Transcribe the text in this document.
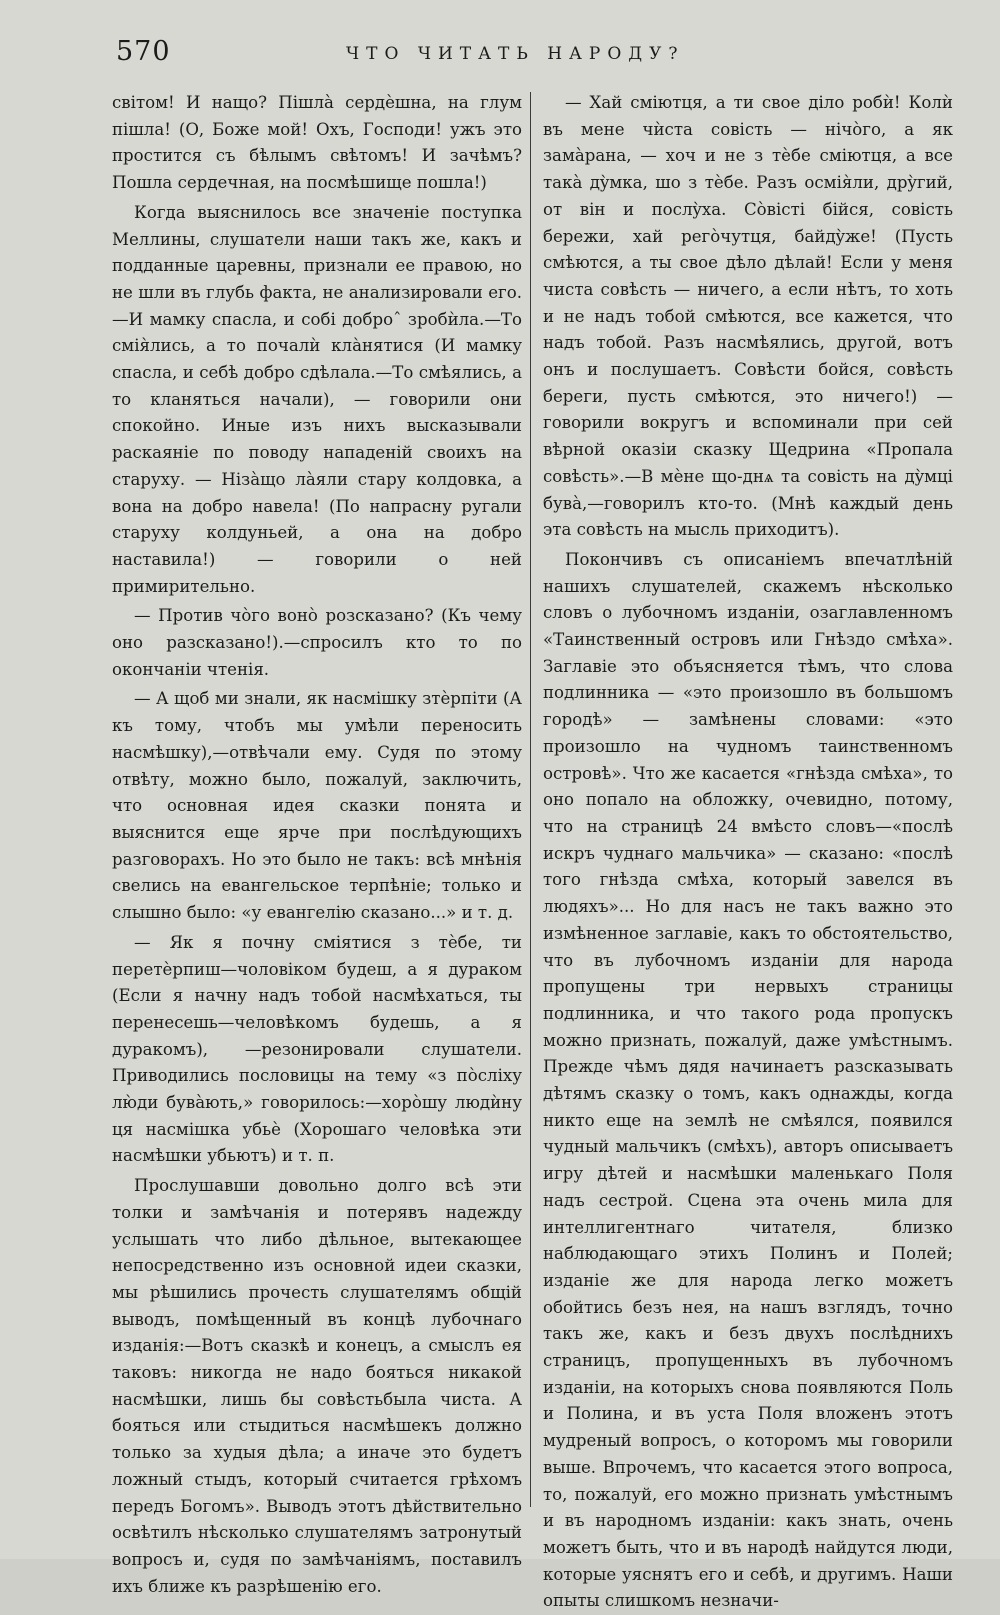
570	ЧТО ЧИТАТЬ НАРОДУ?

світом! И нащо? Пішлà сердèшна, на глум пішла! (О, Боже мой! Охъ, Господи! ужъ это простится съ бѣлымъ свѣтомъ! И зачѣмъ? Пошла сердечная, на посмѣшище пошла!)

Когда выяснилось все значенiе поступка Меллины, слушатели наши такъ же, какъ и подданные царевны, признали ее правою, но не шли въ глубь факта, не анализировали его.—И мамку спасла, и собі доброˆ зробѝла.—То смія̀лись, а то почалѝ кла̀нятися (И мамку спасла, и себѣ добро сдѣлала.—То смѣялись, а то кланяться начали), — говорили они спокойно. Иные изъ нихъ высказывали раскаянiе по поводу нападенiй своихъ на старуху. — Нізàщо лàяли стару колдовка, а вона на добро навела! (По напрасну ругали старуху колдуньей, а она на добро наставила!) — говорили о ней примирительно.

— Против чòго вонò розсказано? (Къ чему оно разсказано!).—спросилъ кто то по окончанiи чтенiя.

— А щоб ми знали, як насмішку зтèрпіти (А къ тому, чтобъ мы умѣли переносить насмѣшку),—отвѣчали ему. Судя по этому отвѣту, можно было, пожалуй, заключить, что основная идея сказки понята и выяснится еще ярче при послѣдующихъ разговорахъ. Но это было не такъ: всѣ мнѣнiя свелись на евангельское терпѣнiе; только и слышно было: «у евангелію сказано...» и т. д.

— Як я почну сміятися з тèбе, ти перетèрпиш—чоловіком будеш, а я дураком (Если я начну надъ тобой насмѣхаться, ты перенесешь—человѣкомъ будешь, а я дуракомъ), —резонировали слушатели. Приводились пословицы на тему «з пòсліху лю̀ди бувàють,» говорилось:—хорòшу людѝну ця насмішка убьè (Хорошаго человѣка эти насмѣшки убьютъ) и т. п.

Прослушавши довольно долго всѣ эти толки и замѣчанiя и потерявъ надежду услышать что либо дѣльное, вытекающее непосредственно изъ основной идеи сказки, мы рѣшились прочесть слушателямъ общій выводъ, помѣщенный въ концѣ лубочнаго изданія:—Вотъ сказкѣ и конецъ, а смыслъ ея таковъ: никогда не надо бояться никакой насмѣшки, лишь бы совѣстьбыла чиста. А бояться или стыдиться насмѣшекъ должно только за худыя дѣла; а иначе это будетъ ложный стыдъ, который считается грѣхомъ передъ Богомъ». Выводъ этотъ дѣйствительно освѣтилъ нѣсколько слушателямъ затронутый вопросъ и, судя по замѣчаніямъ, поставилъ ихъ ближе къ разрѣшенію его.

— Хай сміютця, а ти свое діло робѝ! Колѝ въ мене чѝста совість — нічòго, а як замàрана, — хоч и не з тèбе сміютця, а все такà дỳмка, шо з тèбе. Разъ осмія̀ли, дрỳгий, от він и послỳха. Сòвісті бійся, совість бережи, хай регòчутця, байдỳже! (Пусть смѣются, а ты свое дѣло дѣлай! Если у меня чиста совѣсть — ничего, а если нѣтъ, то хоть и не надъ тобой смѣются, все кажется, что надъ тобой. Разъ насмѣялись, другой, вотъ онъ и послушаетъ. Совѣсти бойся, совѣсть береги, пусть смѣются, это ничего!) — говорили вокругъ и вспоминали при сей вѣрной оказіи сказку Щедрина «Пропала совѣсть».—В мèне що-днѧ та совість на дỳмці бувà,—говорилъ кто-то. (Мнѣ каждый день эта совѣсть на мысль приходитъ).

Покончивъ съ описаніемъ впечатлѣній нашихъ слушателей, скажемъ нѣсколько словъ о лубочномъ изданіи, озаглавленномъ «Таинственный островъ или Гнѣздо смѣха». Заглавіе это объясняется тѣмъ, что слова подлинника — «это произошло въ большомъ городѣ» — замѣнены словами: «это произошло на чудномъ таинственномъ островѣ». Что же касается «гнѣзда смѣха», то оно попало на обложку, очевидно, потому, что на страницѣ 24 вмѣсто словъ—«послѣ искръ чуднаго мальчика» — сказано: «послѣ того гнѣзда смѣха, который завелся въ людяхъ»... Но для насъ не такъ важно это измѣненное заглавіе, какъ то обстоятельство, что въ лубочномъ изданіи для народа пропущены три нервыхъ страницы подлинника, и что такого рода пропускъ можно признать, пожалуй, даже умѣстнымъ. Прежде чѣмъ дядя начинаетъ разсказывать дѣтямъ сказку о томъ, какъ однажды, когда никто еще на землѣ не смѣялся, появился чудный мальчикъ (смѣхъ), авторъ описываетъ игру дѣтей и насмѣшки маленькаго Поля надъ сестрой. Сцена эта очень мила для интеллигентнаго читателя, близко наблюдающаго этихъ Полинъ и Полей; изданіе же для народа легко можетъ обойтись безъ нея, на нашъ взглядъ, точно такъ же, какъ и безъ двухъ послѣднихъ страницъ, пропущенныхъ въ лубочномъ изданіи, на которыхъ снова появляются Поль и Полина, и въ уста Поля вложенъ этотъ мудреный вопросъ, о которомъ мы говорили выше. Впрочемъ, что касается этого вопроса, то, пожалуй, его можно признать умѣстнымъ и въ народномъ изданіи: какъ знать, очень можетъ быть, что и въ народѣ найдутся люди, которые уяснятъ его и себѣ, и другимъ. Наши опыты слишкомъ незначи-
